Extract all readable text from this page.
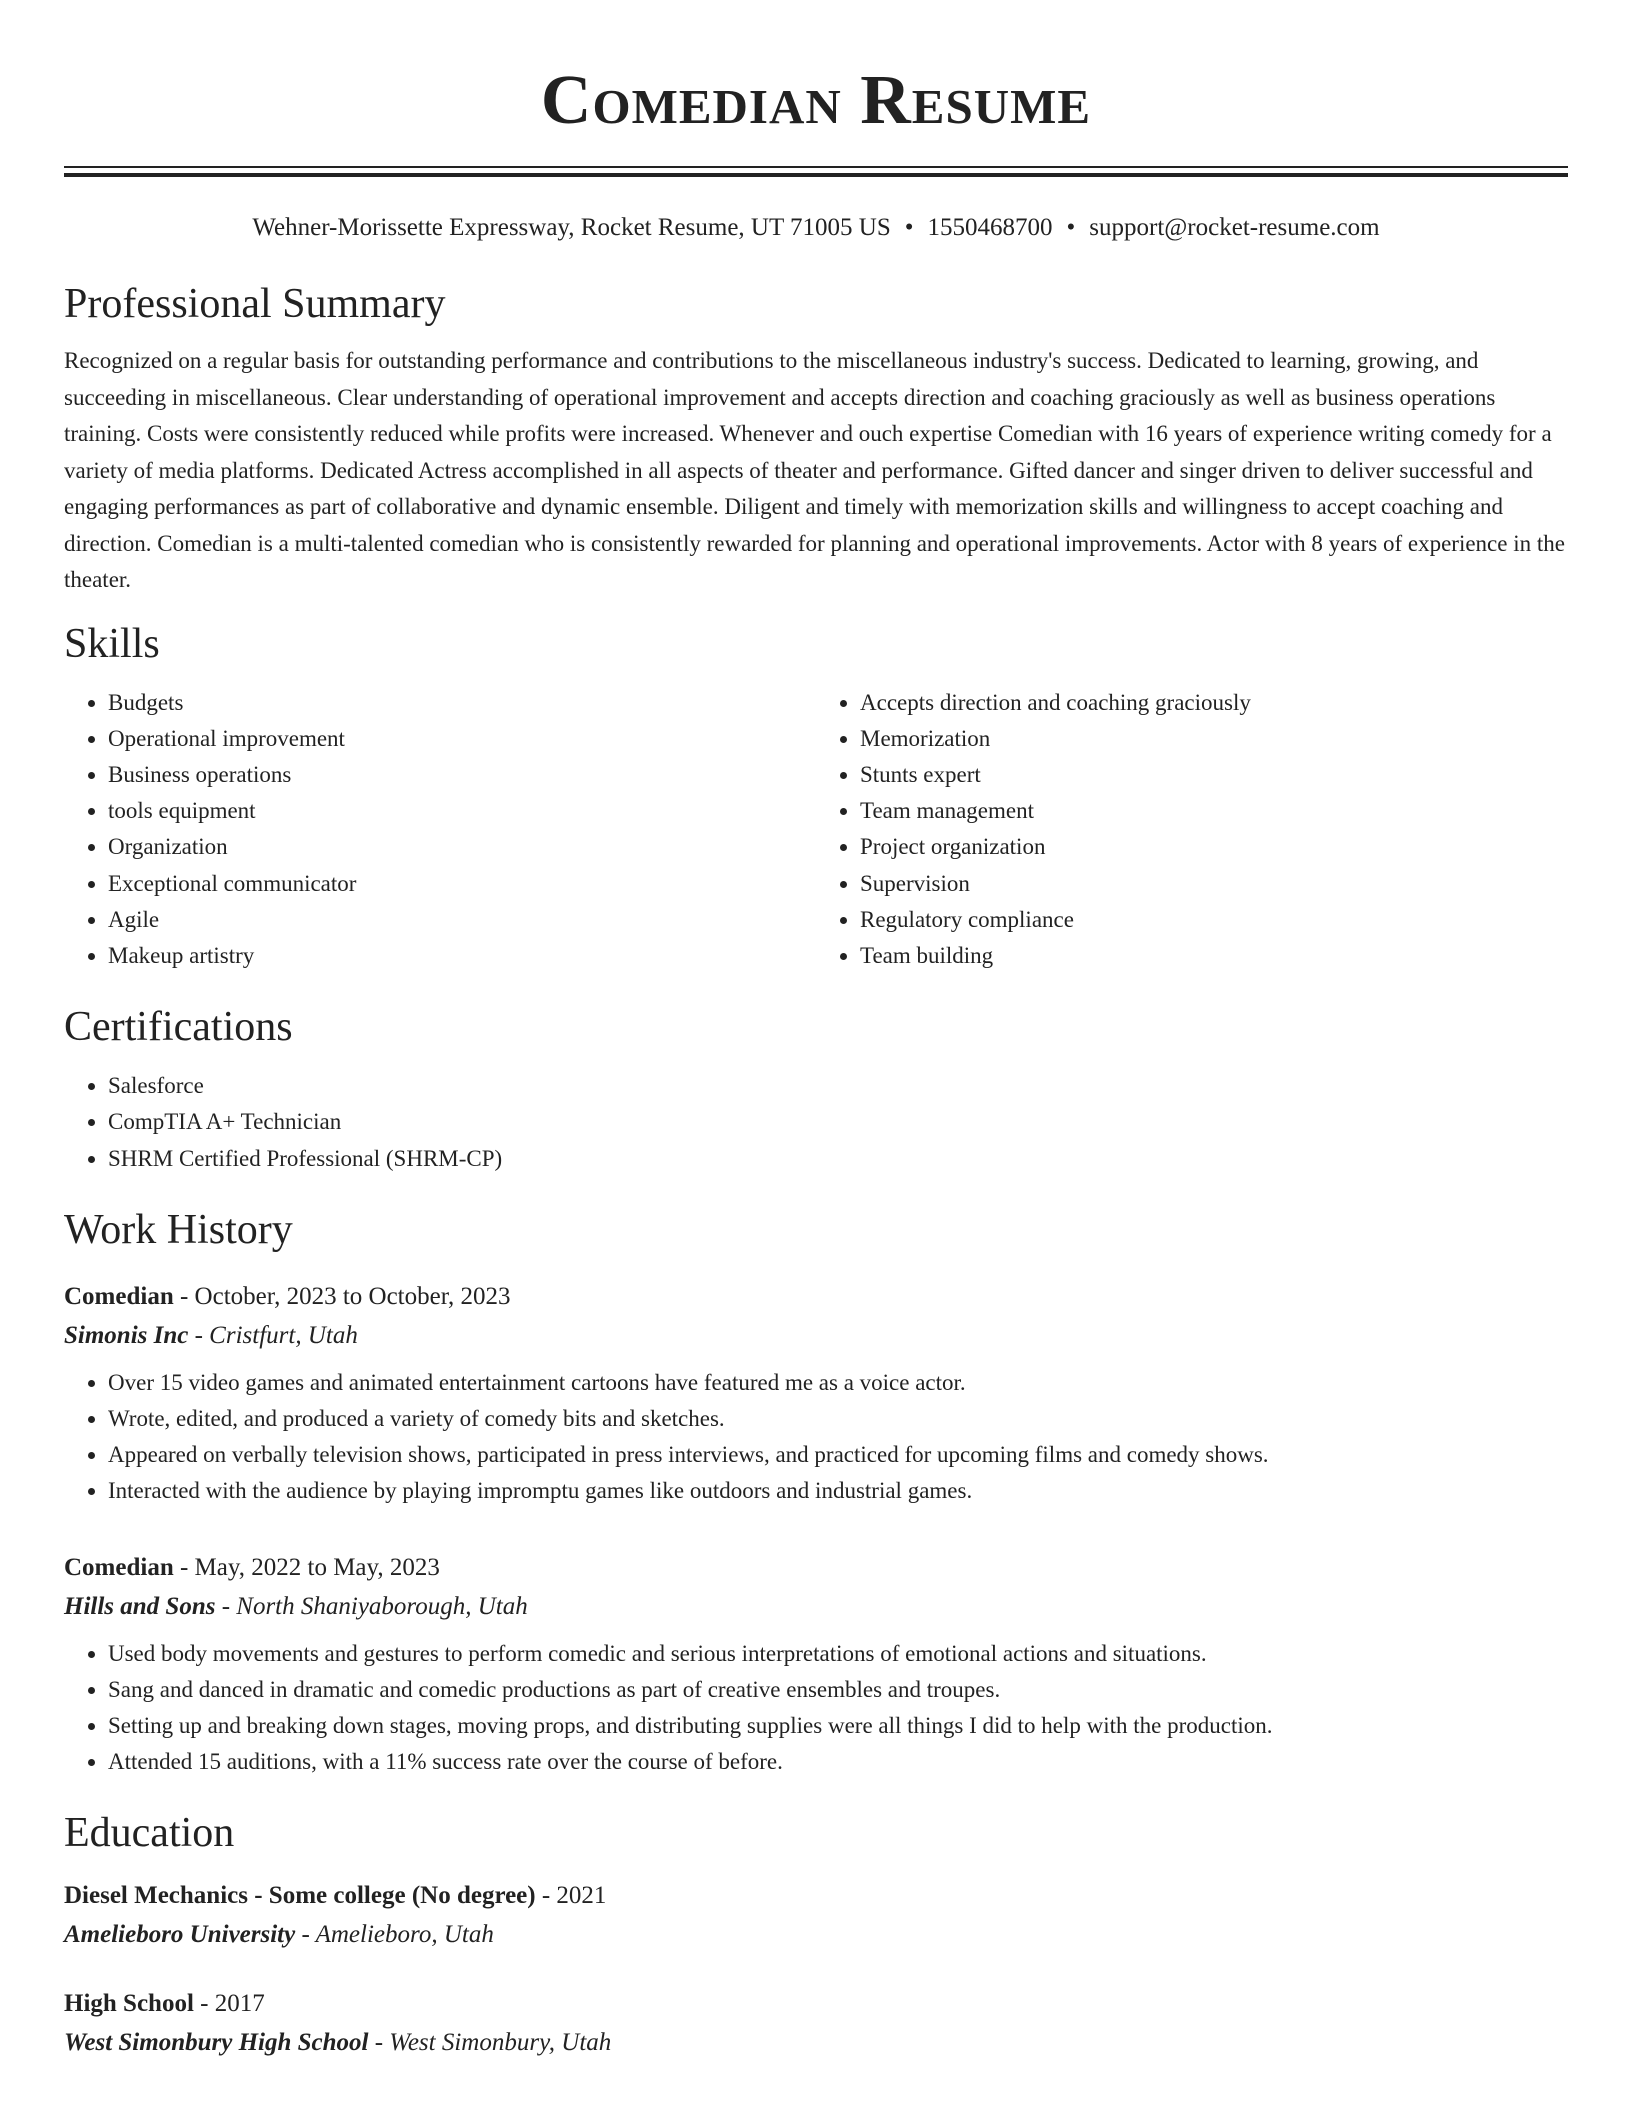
Comedian Resume
Wehner-Morissette Expressway, Rocket Resume, UT 71005 US • 1550468700 • support@rocket-resume.com
Professional Summary

Recognized on a regular basis for outstanding performance and contributions to the miscellaneous industry's success. Dedicated to learning, growing, and succeeding in miscellaneous. Clear understanding of operational improvement and accepts direction and coaching graciously as well as business operations training. Costs were consistently reduced while profits were increased. Whenever and ouch expertise Comedian with 16 years of experience writing comedy for a variety of media platforms. Dedicated Actress accomplished in all aspects of theater and performance. Gifted dancer and singer driven to deliver successful and engaging performances as part of collaborative and dynamic ensemble. Diligent and timely with memorization skills and willingness to accept coaching and direction. Comedian is a multi-talented comedian who is consistently rewarded for planning and operational improvements. Actor with 8 years of experience in the theater.

Skills
• Budgets
• Operational improvement
• Business operations
• tools equipment
• Organization
• Exceptional communicator
• Agile
• Makeup artistry
• Accepts direction and coaching graciously
• Memorization
• Stunts expert
• Team management
• Project organization
• Supervision
• Regulatory compliance
• Team building
Certifications
• Salesforce
• CompTIA A+ Technician
• SHRM Certified Professional (SHRM-CP)
Work History
Comedian - October, 2023 to October, 2023
Simonis Inc - Cristfurt, Utah
• Over 15 video games and animated entertainment cartoons have featured me as a voice actor.
• Wrote, edited, and produced a variety of comedy bits and sketches.
• Appeared on verbally television shows, participated in press interviews, and practiced for upcoming films and comedy shows.
• Interacted with the audience by playing impromptu games like outdoors and industrial games.
Comedian - May, 2022 to May, 2023
Hills and Sons - North Shaniyaborough, Utah
• Used body movements and gestures to perform comedic and serious interpretations of emotional actions and situations.
• Sang and danced in dramatic and comedic productions as part of creative ensembles and troupes.
• Setting up and breaking down stages, moving props, and distributing supplies were all things I did to help with the production.
• Attended 15 auditions, with a 11% success rate over the course of before.
Education
Diesel Mechanics - Some college (No degree) - 2021
Amelieboro University - Amelieboro, Utah
High School - 2017
West Simonbury High School - West Simonbury, Utah
